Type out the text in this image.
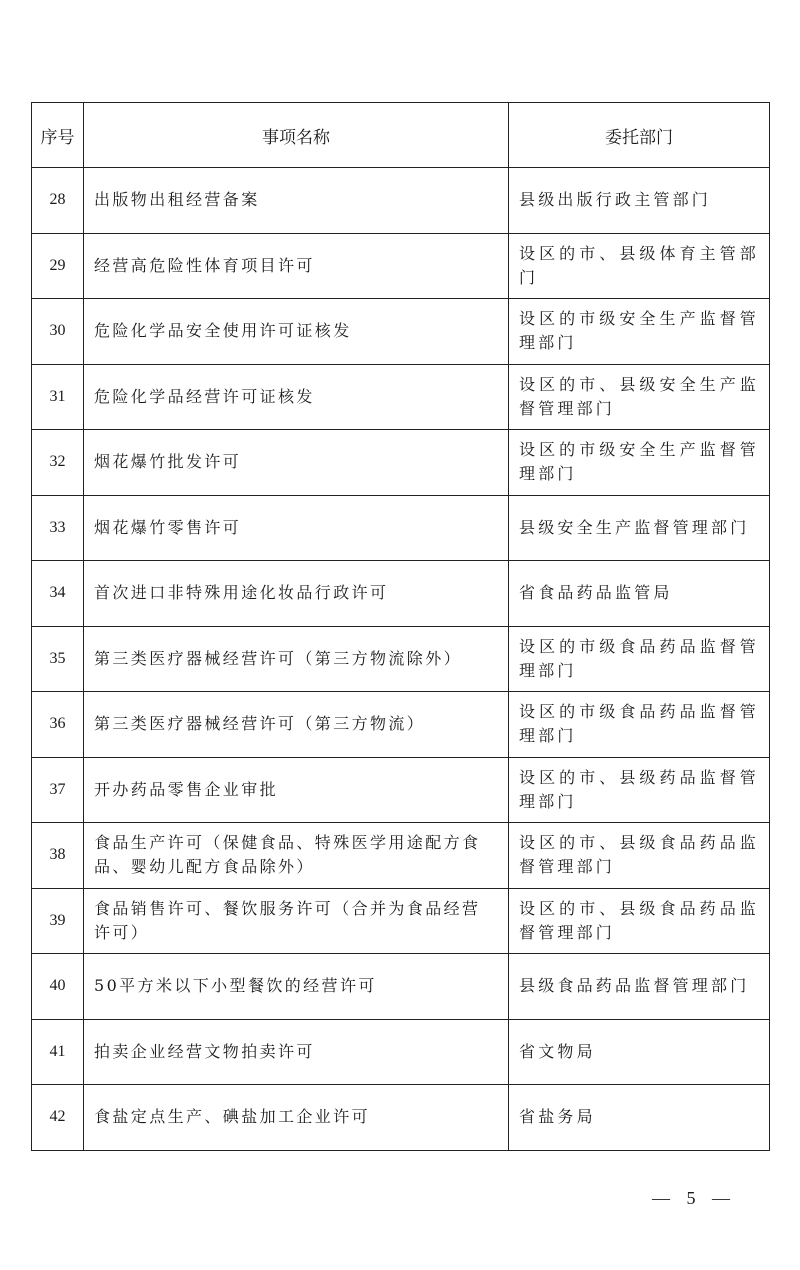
序号	事项名称	委托部门
28	出版物出租经营备案	县级出版行政主管部门
29	经营高危险性体育项目许可	设区的市、县级体育主管部门
30	危险化学品安全使用许可证核发	设区的市级安全生产监督管理部门
31	危险化学品经营许可证核发	设区的市、县级安全生产监督管理部门
32	烟花爆竹批发许可	设区的市级安全生产监督管理部门
33	烟花爆竹零售许可	县级安全生产监督管理部门
34	首次进口非特殊用途化妆品行政许可	省食品药品监管局
35	第三类医疗器械经营许可（第三方物流除外）	设区的市级食品药品监督管理部门
36	第三类医疗器械经营许可（第三方物流）	设区的市级食品药品监督管理部门
37	开办药品零售企业审批	设区的市、县级药品监督管理部门
38	食品生产许可（保健食品、特殊医学用途配方食品、婴幼儿配方食品除外）	设区的市、县级食品药品监督管理部门
39	食品销售许可、餐饮服务许可（合并为食品经营许可）	设区的市、县级食品药品监督管理部门
40	50平方米以下小型餐饮的经营许可	县级食品药品监督管理部门
41	拍卖企业经营文物拍卖许可	省文物局
42	食盐定点生产、碘盐加工企业许可	省盐务局
— 5 —
